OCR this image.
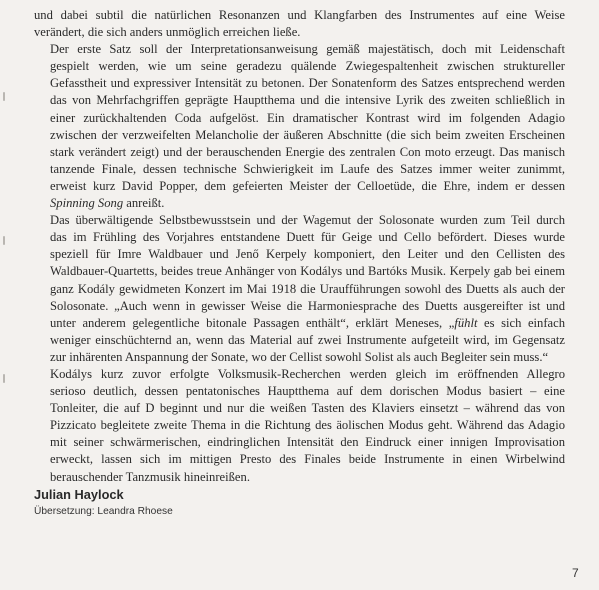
und dabei subtil die natürlichen Resonanzen und Klangfarben des Instrumentes auf eine Weise
verändert, die sich anders unmöglich erreichen ließe.

Der erste Satz soll der Interpretationsanweisung gemäß majestätisch, doch mit Leidenschaft
gespielt werden, wie um seine geradezu quälende Zwiegespaltenheit zwischen struktureller
Gefasstheit und expressiver Intensität zu betonen. Der Sonatenform des Satzes entsprechend werden
das von Mehrfachgriffen geprägte Hauptthema und die intensive Lyrik des zweiten schließlich in
einer zurückhaltenden Coda aufgelöst. Ein dramatischer Kontrast wird im folgenden Adagio
zwischen der verzweifelten Melancholie der äußeren Abschnitte (die sich beim zweiten Erscheinen
stark verändert zeigt) und der berauschenden Energie des zentralen Con moto erzeugt. Das manisch
tanzende Finale, dessen technische Schwierigkeit im Laufe des Satzes immer weiter zunimmt,
erweist kurz David Popper, dem gefeierten Meister der Celloetüde, die Ehre, indem er dessen
Spinning Song anreißt.

Das überwältigende Selbstbewusstsein und der Wagemut der Solosonate wurden zum Teil durch
das im Frühling des Vorjahres entstandene Duett für Geige und Cello befördert. Dieses wurde
speziell für Imre Waldbauer und Jenő Kerpely komponiert, den Leiter und den Cellisten des
Waldbauer-Quartetts, beides treue Anhänger von Kodálys und Bartóks Musik. Kerpely gab bei einem
ganz Kodály gewidmeten Konzert im Mai 1918 die Uraufführungen sowohl des Duetts als auch der
Solosonate. „Auch wenn in gewisser Weise die Harmoniesprache des Duetts ausgereifter ist und
unter anderem gelegentliche bitonale Passagen enthält“, erklärt Meneses, „fühlt es sich einfach
weniger einschüchternd an, wenn das Material auf zwei Instrumente aufgeteilt wird, im Gegensatz
zur inhärenten Anspannung der Sonate, wo der Cellist sowohl Solist als auch Begleiter sein muss.“

Kodálys kurz zuvor erfolgte Volksmusik-Recherchen werden gleich im eröffnenden Allegro
serioso deutlich, dessen pentatonisches Hauptthema auf dem dorischen Modus basiert – eine
Tonleiter, die auf D beginnt und nur die weißen Tasten des Klaviers einsetzt – während das von
Pizzicato begleitete zweite Thema in die Richtung des äolischen Modus geht. Während das Adagio
mit seiner schwärmerischen, eindringlichen Intensität den Eindruck einer innigen Improvisation
erweckt, lassen sich im mittigen Presto des Finales beide Instrumente in einen Wirbelwind
berauschender Tanzmusik hineinreißen.

Julian Haylock
Übersetzung: Leandra Rhoese
7
